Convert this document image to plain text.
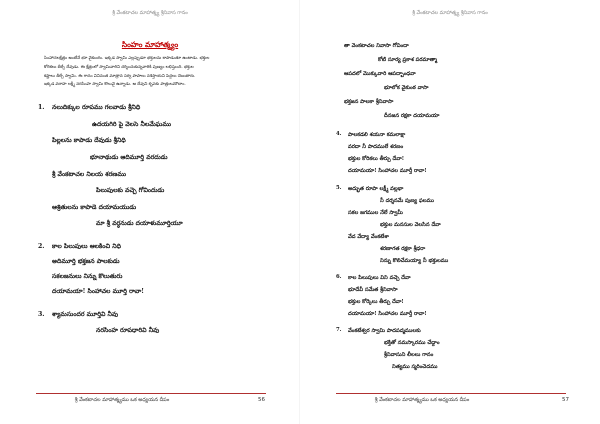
శ్రీ వేంకటాచల మాహాత్మ్య శ్రీనివాస గానం
సింహం మాహాత్మ్యం
సింహాచలక్షేత్రం అంటేనే భూ వైకుంఠం. ఇక్కడ స్వామి ఎల్లప్పుడూ భక్తులను కాపాడుతూ ఉంటాడు. భక్తుల
కోరికలు తీర్చే దేవుడు. ఈ క్షేత్రంలో స్వామివారిని దర్శించుకున్నవారికి పుణ్యం లభిస్తుంది. భక్తుల
కష్టాలు తీర్చే స్వామి. ఈ గానం వినినంత మాత్రాన సర్వ పాపాలు నశిస్తాయని పెద్దలు చెబుతారు.
ఇక్కడ వరాహ లక్ష్మీ నరసింహ స్వామి కొలువై ఉన్నాడు. ఆ దేవుని కృపకు పాత్రులమౌదాం.
1. నలుదిక్కుల రూపము గలవాడు శ్రీనిధి
ఉదయగిరి పై వెలసె నీలమేఘము
పిల్లలను కాపాడు దేవుడు శ్రీనిధి
భూనాథుడు ఆదిమూర్తి వరదుడు
శ్రీ వేంకటాచల నిలయ శరణము
పిలుపులకు వచ్చె గోవిందుడు
ఆశ్రితులను కాపాడె దయామయుడు
మా శ్రీ వర్ధనుడు దయాళుమూర్తియూ
2. కాల పిలుపులు ఆలకించి నిధి
అదిమూర్తి భక్తజన పాలకుడు
సకలజనులు నిన్ను కొలుతురు
దయామయా! సింహాచల మూర్తి రావా!
3. శ్యామసుందర మూర్తివి నీవు
నరసింహ రూపధారివి నీవు
శ్రీ వేంకటాచల మాహాత్మ్యము ఒక అధ్యయన దీపం	56
శ్రీ వేంకటాచల మాహాత్మ్య శ్రీనివాస గానం
తా వెంకటాచల నివాసా గోవిందా
కోటి సూర్య ప్రకాశ పరమాత్మా
ఆపదలో మొక్కువారి ఆపద్బాంధవా
భూలోక వైకుంఠ వాసా
భక్తజన పాలకా శ్రీనివాసా
దీనజన రక్షకా దయామయా
4. పాలకడలి శయనా కమలాక్షా
వరదా నీ పాదములే శరణం
భక్తుల కోరికలు తీర్చు దేవా!
దయామయా! సింహాచల మూర్తీ రావా!
5. అద్భుత రూపా లక్ష్మీ వల్లభా
నీ దర్శనమే పుణ్య ఫలము
సకల జగముల నేలే స్వామీ
భక్తుల మనసుల వెలసిన దేవా
వేద వేద్యా వేంకటేశా
శరణాగత రక్షకా శ్రీధరా
నిన్ను కొలిచేమయ్యా నీ భక్తులము
6. కాల పిలుపులు విని వచ్చె దేవా
భూదేవీ సమేత శ్రీనివాసా
భక్తుల కోర్కెలు తీర్చు దేవా!
దయామయా! సింహాచల మూర్తీ రావా!
7. వేంకటేశ్వర స్వామి పాదపద్మములకు
భక్తితో నమస్కారము చేద్దాం
శ్రీనివాసుని లీలలు గానం
నిత్యము స్మరించెదము
శ్రీ వేంకటాచల మాహాత్మ్యము ఒక అధ్యయన దీపం	57
